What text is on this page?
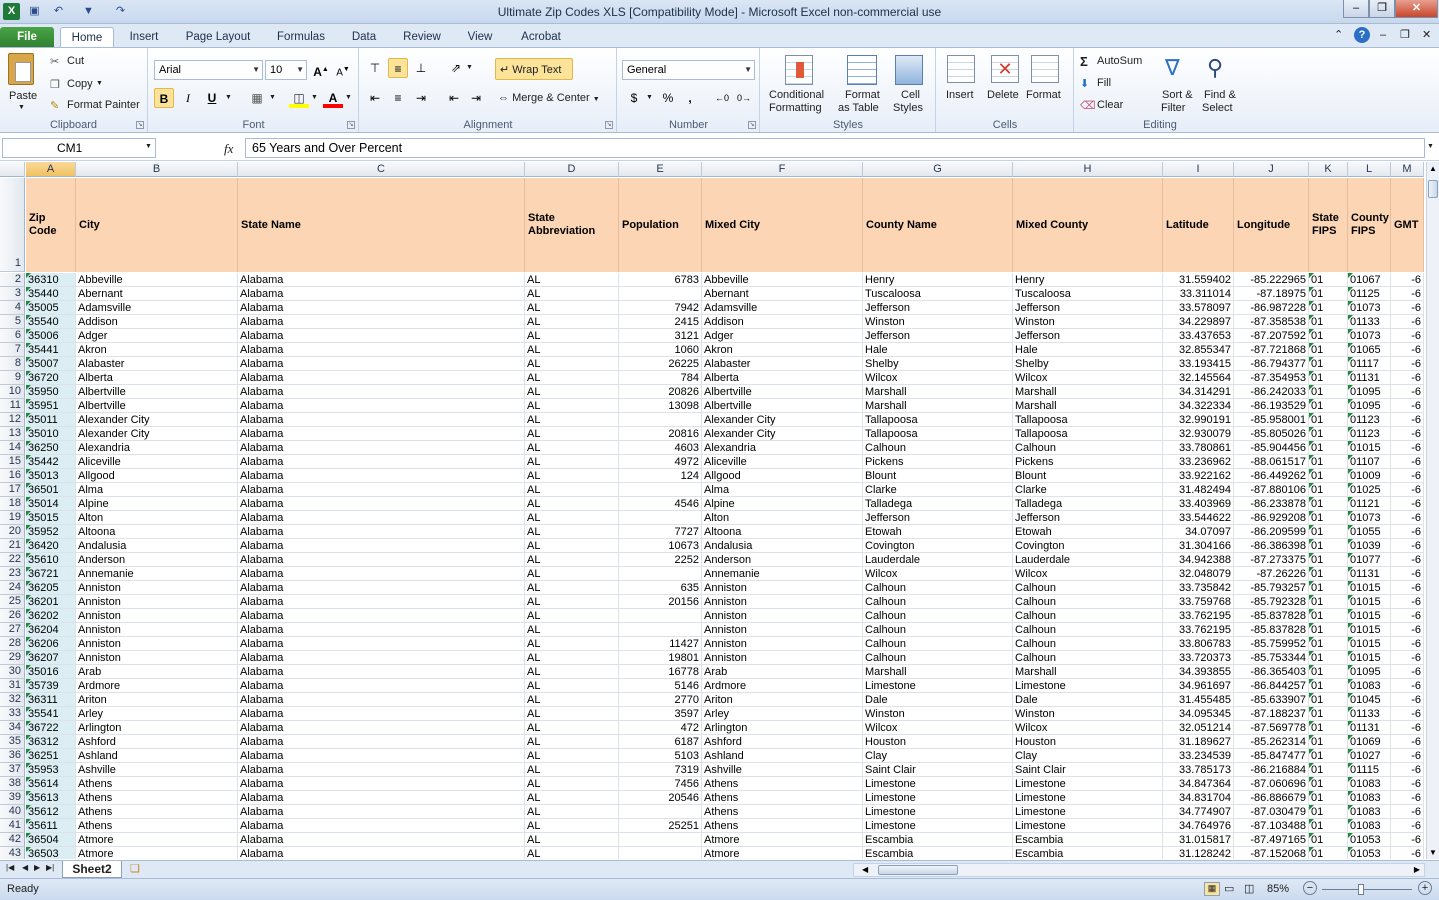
X	▣	↶	▼	↷	Ultimate Zip Codes XLS [Compatibility Mode] - Microsoft Excel non-commercial use	–	❐	✕
File	Home	Insert	Page Layout	Formulas	Data	Review	View	Acrobat	⌃	?	– ❐ ✕
Paste
▼
✂ Cut
❐ Copy ▼
✎ Format Painter
Clipboard	↘
Arial	▼ 10 ▼ A▲ A▼
B	I	U	▼	▦ ▼	◫ ▼ A	▼
Font	↘
⊤	≡	⊥	⇗ ▼	↵ Wrap Text
⇤	≡	⇥	⇤ ⇥	⇔ Merge & Center ▼
Alignment	↘
General	▼
$	▼ %	,	←0 0→
Number	↘
Conditional
Formatting
Format
as Table
Cell
Styles
Styles
Insert
✕
Delete Format
Cells
Σ AutoSum
⬇ Fill
⌫ Clear
∇
Sort &
Filter
⚲
Find &
Select
Editing
CM1	▼	fx	65 Years and Over Percent	▼
A	B	C	D	E	F	G	H	I	J	K	L	M
1
Zip Code
City	State Name
State Abbreviation
Population	Mixed City	County Name	Mixed County	Latitude	Longitude
State FIPS
County FIPS
GMT
2 36310	Abbeville	Alabama	AL	6783 Abbeville	Henry	Henry	31.559402	-85.222965 01	01067	-6
3 35440	Abernant	Alabama	AL	Abernant	Tuscaloosa	Tuscaloosa	33.311014	-87.18975 01	01125	-6
4 35005	Adamsville	Alabama	AL	7942 Adamsville	Jefferson	Jefferson	33.578097	-86.987228 01	01073	-6
5 35540	Addison	Alabama	AL	2415 Addison	Winston	Winston	34.229897	-87.358538 01	01133	-6
6 35006	Adger	Alabama	AL	3121 Adger	Jefferson	Jefferson	33.437653	-87.207592 01	01073	-6
7 35441	Akron	Alabama	AL	1060 Akron	Hale	Hale	32.855347	-87.721868 01	01065	-6
8 35007	Alabaster	Alabama	AL	26225 Alabaster	Shelby	Shelby	33.193415	-86.794377 01	01117	-6
9 36720	Alberta	Alabama	AL	784 Alberta	Wilcox	Wilcox	32.145564	-87.354953 01	01131	-6
10 35950	Albertville	Alabama	AL	20826 Albertville	Marshall	Marshall	34.314291	-86.242033 01	01095	-6
11 35951	Albertville	Alabama	AL	13098 Albertville	Marshall	Marshall	34.322334	-86.193529 01	01095	-6
12 35011	Alexander City	Alabama	AL	Alexander City	Tallapoosa	Tallapoosa	32.990191	-85.958001 01	01123	-6
13 35010	Alexander City	Alabama	AL	20816 Alexander City	Tallapoosa	Tallapoosa	32.930079	-85.805026 01	01123	-6
14 36250	Alexandria	Alabama	AL	4603 Alexandria	Calhoun	Calhoun	33.780861	-85.904456 01	01015	-6
15 35442	Aliceville	Alabama	AL	4972 Aliceville	Pickens	Pickens	33.236962	-88.061517 01	01107	-6
16 35013	Allgood	Alabama	AL	124 Allgood	Blount	Blount	33.922162	-86.449262 01	01009	-6
17 36501	Alma	Alabama	AL	Alma	Clarke	Clarke	31.482494	-87.880106 01	01025	-6
18 35014	Alpine	Alabama	AL	4546 Alpine	Talladega	Talladega	33.403969	-86.233878 01	01121	-6
19 35015	Alton	Alabama	AL	Alton	Jefferson	Jefferson	33.544622	-86.929208 01	01073	-6
20 35952	Altoona	Alabama	AL	7727 Altoona	Etowah	Etowah	34.07097	-86.209599 01	01055	-6
21 36420	Andalusia	Alabama	AL	10673 Andalusia	Covington	Covington	31.304166	-86.386398 01	01039	-6
22 35610	Anderson	Alabama	AL	2252 Anderson	Lauderdale	Lauderdale	34.942388	-87.273375 01	01077	-6
23 36721	Annemanie	Alabama	AL	Annemanie	Wilcox	Wilcox	32.048079	-87.26226 01	01131	-6
24 36205	Anniston	Alabama	AL	635 Anniston	Calhoun	Calhoun	33.735842	-85.793257 01	01015	-6
25 36201	Anniston	Alabama	AL	20156 Anniston	Calhoun	Calhoun	33.759768	-85.792328 01	01015	-6
26 36202	Anniston	Alabama	AL	Anniston	Calhoun	Calhoun	33.762195	-85.837828 01	01015	-6
27 36204	Anniston	Alabama	AL	Anniston	Calhoun	Calhoun	33.762195	-85.837828 01	01015	-6
28 36206	Anniston	Alabama	AL	11427 Anniston	Calhoun	Calhoun	33.806783	-85.759952 01	01015	-6
29 36207	Anniston	Alabama	AL	19801 Anniston	Calhoun	Calhoun	33.720373	-85.753344 01	01015	-6
30 35016	Arab	Alabama	AL	16778 Arab	Marshall	Marshall	34.393855	-86.365403 01	01095	-6
31 35739	Ardmore	Alabama	AL	5146 Ardmore	Limestone	Limestone	34.961697	-86.844257 01	01083	-6
32 36311	Ariton	Alabama	AL	2770 Ariton	Dale	Dale	31.455485	-85.633907 01	01045	-6
33 35541	Arley	Alabama	AL	3597 Arley	Winston	Winston	34.095345	-87.188237 01	01133	-6
34 36722	Arlington	Alabama	AL	472 Arlington	Wilcox	Wilcox	32.051214	-87.569778 01	01131	-6
35 36312	Ashford	Alabama	AL	6187 Ashford	Houston	Houston	31.189627	-85.262314 01	01069	-6
36 36251	Ashland	Alabama	AL	5103 Ashland	Clay	Clay	33.234539	-85.847477 01	01027	-6
37 35953	Ashville	Alabama	AL	7319 Ashville	Saint Clair	Saint Clair	33.785173	-86.216884 01	01115	-6
38 35614	Athens	Alabama	AL	7456 Athens	Limestone	Limestone	34.847364	-87.060696 01	01083	-6
39 35613	Athens	Alabama	AL	20546 Athens	Limestone	Limestone	34.831704	-86.886679 01	01083	-6
40 35612	Athens	Alabama	AL	Athens	Limestone	Limestone	34.774907	-87.030479 01	01083	-6
41 35611	Athens	Alabama	AL	25251 Athens	Limestone	Limestone	34.764976	-87.103488 01	01083	-6
42 36504	Atmore	Alabama	AL	Atmore	Escambia	Escambia	31.015817	-87.497165 01	01053	-6
43 36503	Atmore	Alabama	AL	Atmore	Escambia	Escambia	31.128242	-87.152068 01	01053	-6
▲
▼
|◀ ◀ ▶ ▶|	Sheet2	❏	◀	▶
Ready	▦ ▭ ◫ 85%	−	+
